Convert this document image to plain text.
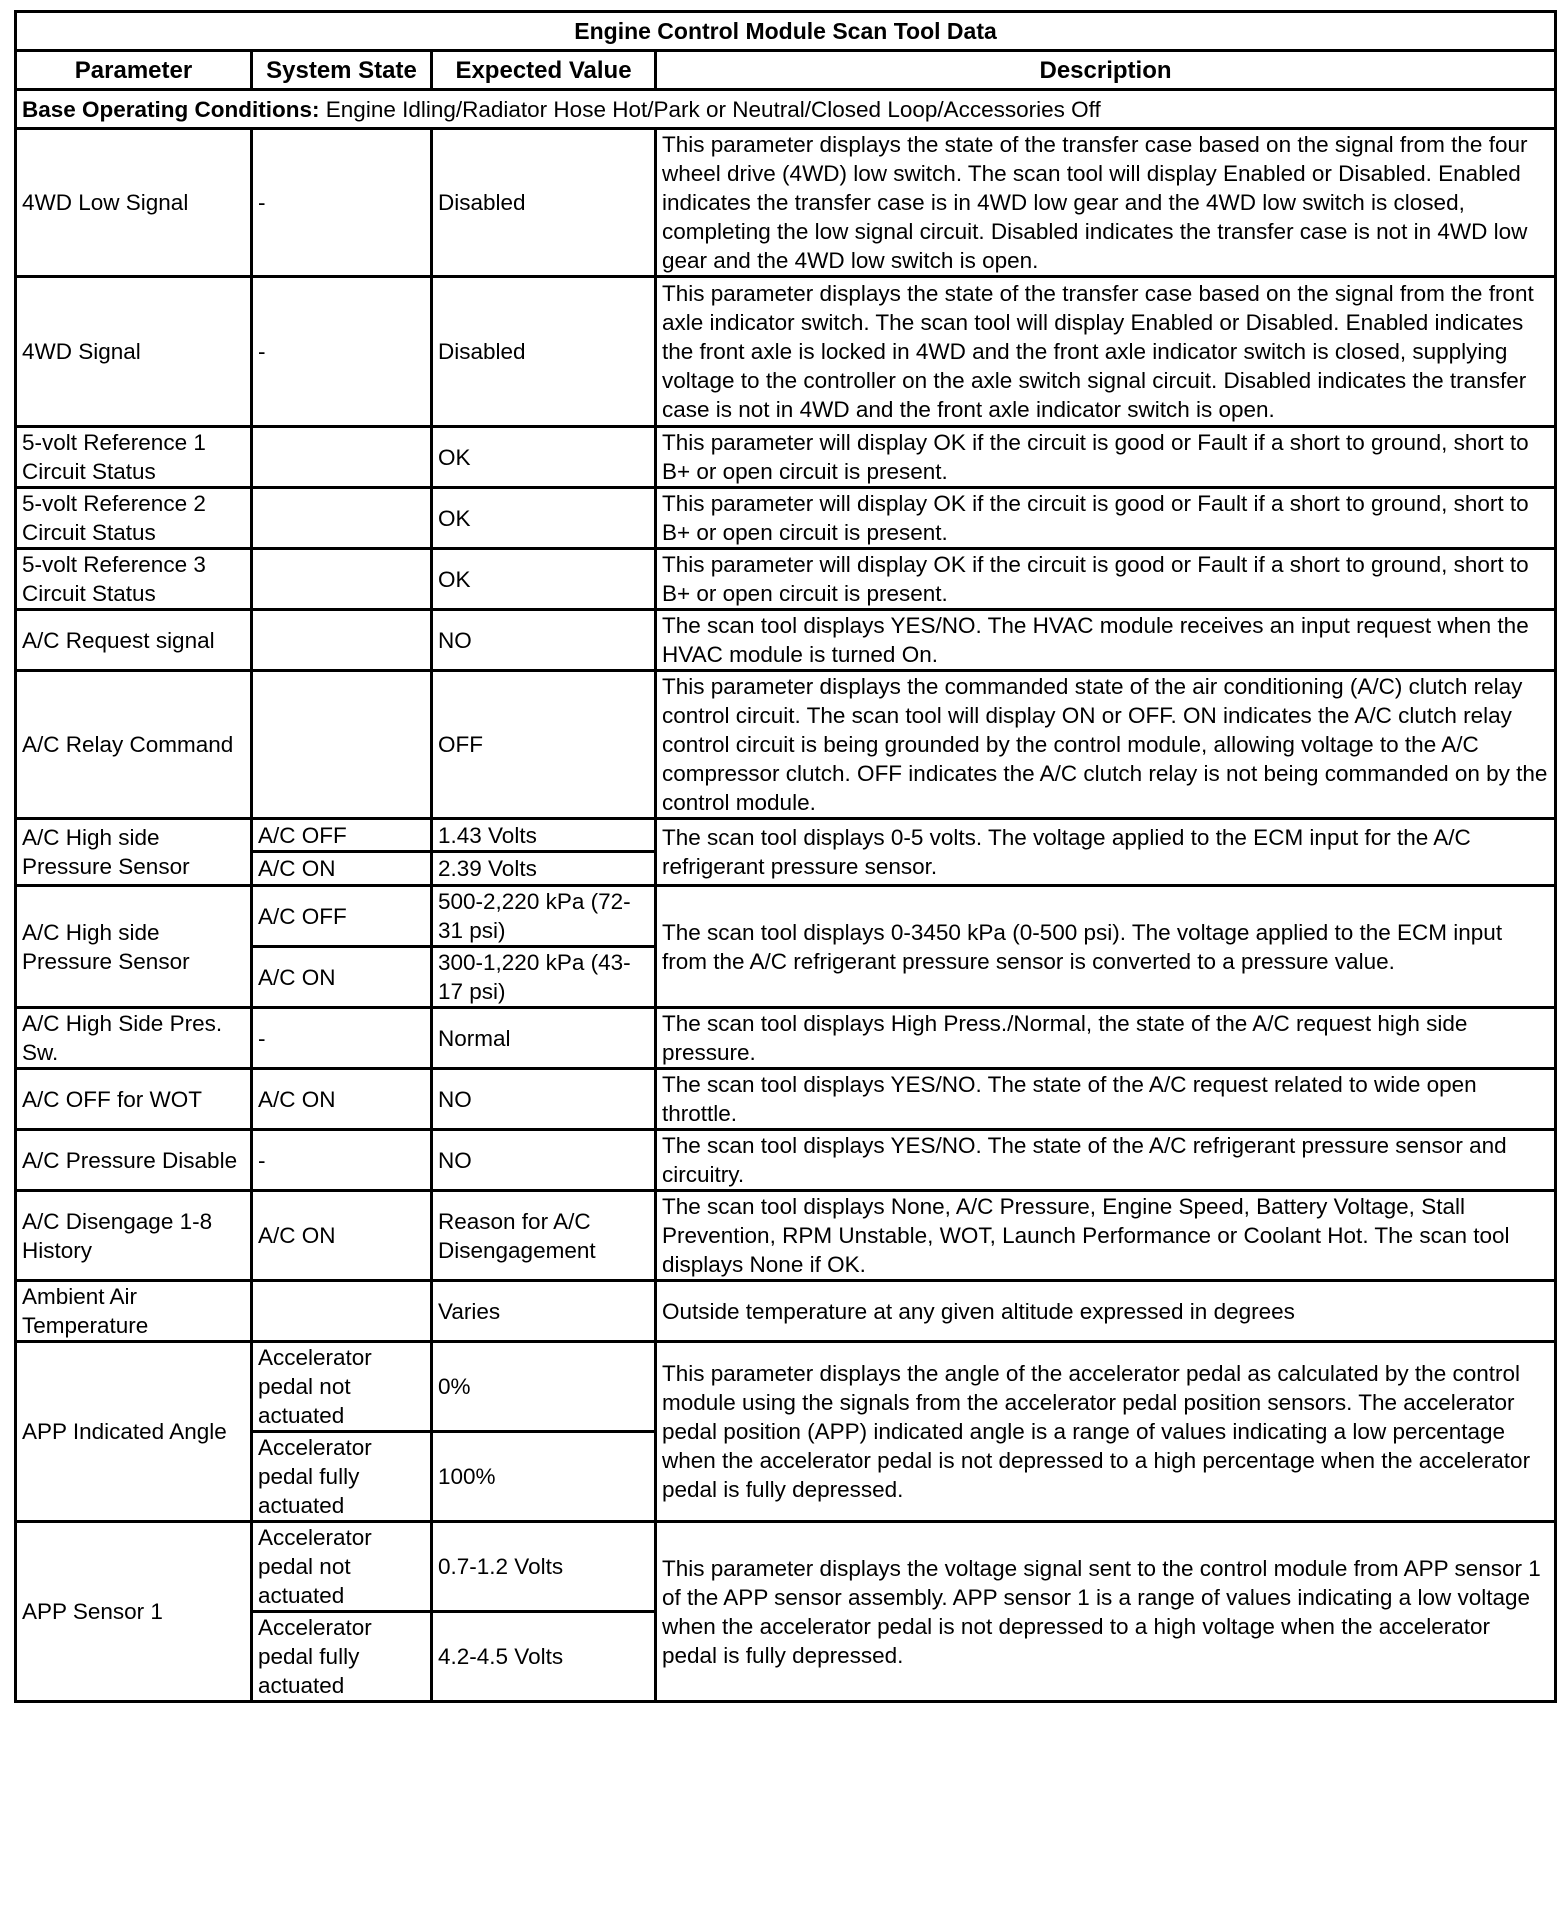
Engine Control Module Scan Tool Data			
Parameter	System State	Expected Value	Description
Base Operating Conditions: Engine Idling/Radiator Hose Hot/Park or Neutral/Closed Loop/Accessories Off			
4WD Low Signal	-	Disabled	This parameter displays the state of the transfer case based on the signal from the four wheel drive (4WD) low switch. The scan tool will display Enabled or Disabled. Enabled indicates the transfer case is in 4WD low gear and the 4WD low switch is closed, completing the low signal circuit. Disabled indicates the transfer case is not in 4WD low gear and the 4WD low switch is open.
4WD Signal	-	Disabled	This parameter displays the state of the transfer case based on the signal from the front axle indicator switch. The scan tool will display Enabled or Disabled. Enabled indicates the front axle is locked in 4WD and the front axle indicator switch is closed, supplying voltage to the controller on the axle switch signal circuit. Disabled indicates the transfer case is not in 4WD and the front axle indicator switch is open.
5-volt Reference 1 Circuit Status		OK	This parameter will display OK if the circuit is good or Fault if a short to ground, short to B+ or open circuit is present.
5-volt Reference 2 Circuit Status		OK	This parameter will display OK if the circuit is good or Fault if a short to ground, short to B+ or open circuit is present.
5-volt Reference 3 Circuit Status		OK	This parameter will display OK if the circuit is good or Fault if a short to ground, short to B+ or open circuit is present.
A/C Request signal		NO	The scan tool displays YES/NO. The HVAC module receives an input request when the HVAC module is turned On.
A/C Relay Command		OFF	This parameter displays the commanded state of the air conditioning (A/C) clutch relay control circuit. The scan tool will display ON or OFF. ON indicates the A/C clutch relay control circuit is being grounded by the control module, allowing voltage to the A/C compressor clutch. OFF indicates the A/C clutch relay is not being commanded on by the control module.
A/C High side Pressure Sensor	A/C OFF	1.43 Volts	The scan tool displays 0-5 volts. The voltage applied to the ECM input for the A/C refrigerant pressure sensor.
	A/C ON	2.39 Volts	
A/C High side Pressure Sensor	A/C OFF	500-2,220 kPa (72-31 psi)	The scan tool displays 0-3450 kPa (0-500 psi). The voltage applied to the ECM input from the A/C refrigerant pressure sensor is converted to a pressure value.
	A/C ON	300-1,220 kPa (43-17 psi)	
A/C High Side Pres. Sw.	-	Normal	The scan tool displays High Press./Normal, the state of the A/C request high side pressure.
A/C OFF for WOT	A/C ON	NO	The scan tool displays YES/NO. The state of the A/C request related to wide open throttle.
A/C Pressure Disable	-	NO	The scan tool displays YES/NO. The state of the A/C refrigerant pressure sensor and circuitry.
A/C Disengage 1-8 History	A/C ON	Reason for A/C Disengagement	The scan tool displays None, A/C Pressure, Engine Speed, Battery Voltage, Stall Prevention, RPM Unstable, WOT, Launch Performance or Coolant Hot. The scan tool displays None if OK.
Ambient Air Temperature		Varies	Outside temperature at any given altitude expressed in degrees
APP Indicated Angle	Accelerator pedal not actuated	0%	This parameter displays the angle of the accelerator pedal as calculated by the control module using the signals from the accelerator pedal position sensors. The accelerator pedal position (APP) indicated angle is a range of values indicating a low percentage when the accelerator pedal is not depressed to a high percentage when the accelerator pedal is fully depressed.
	Accelerator pedal fully actuated	100%	
APP Sensor 1	Accelerator pedal not actuated	0.7-1.2 Volts	This parameter displays the voltage signal sent to the control module from APP sensor 1 of the APP sensor assembly. APP sensor 1 is a range of values indicating a low voltage when the accelerator pedal is not depressed to a high voltage when the accelerator pedal is fully depressed.
	Accelerator pedal fully actuated	4.2-4.5 Volts	
